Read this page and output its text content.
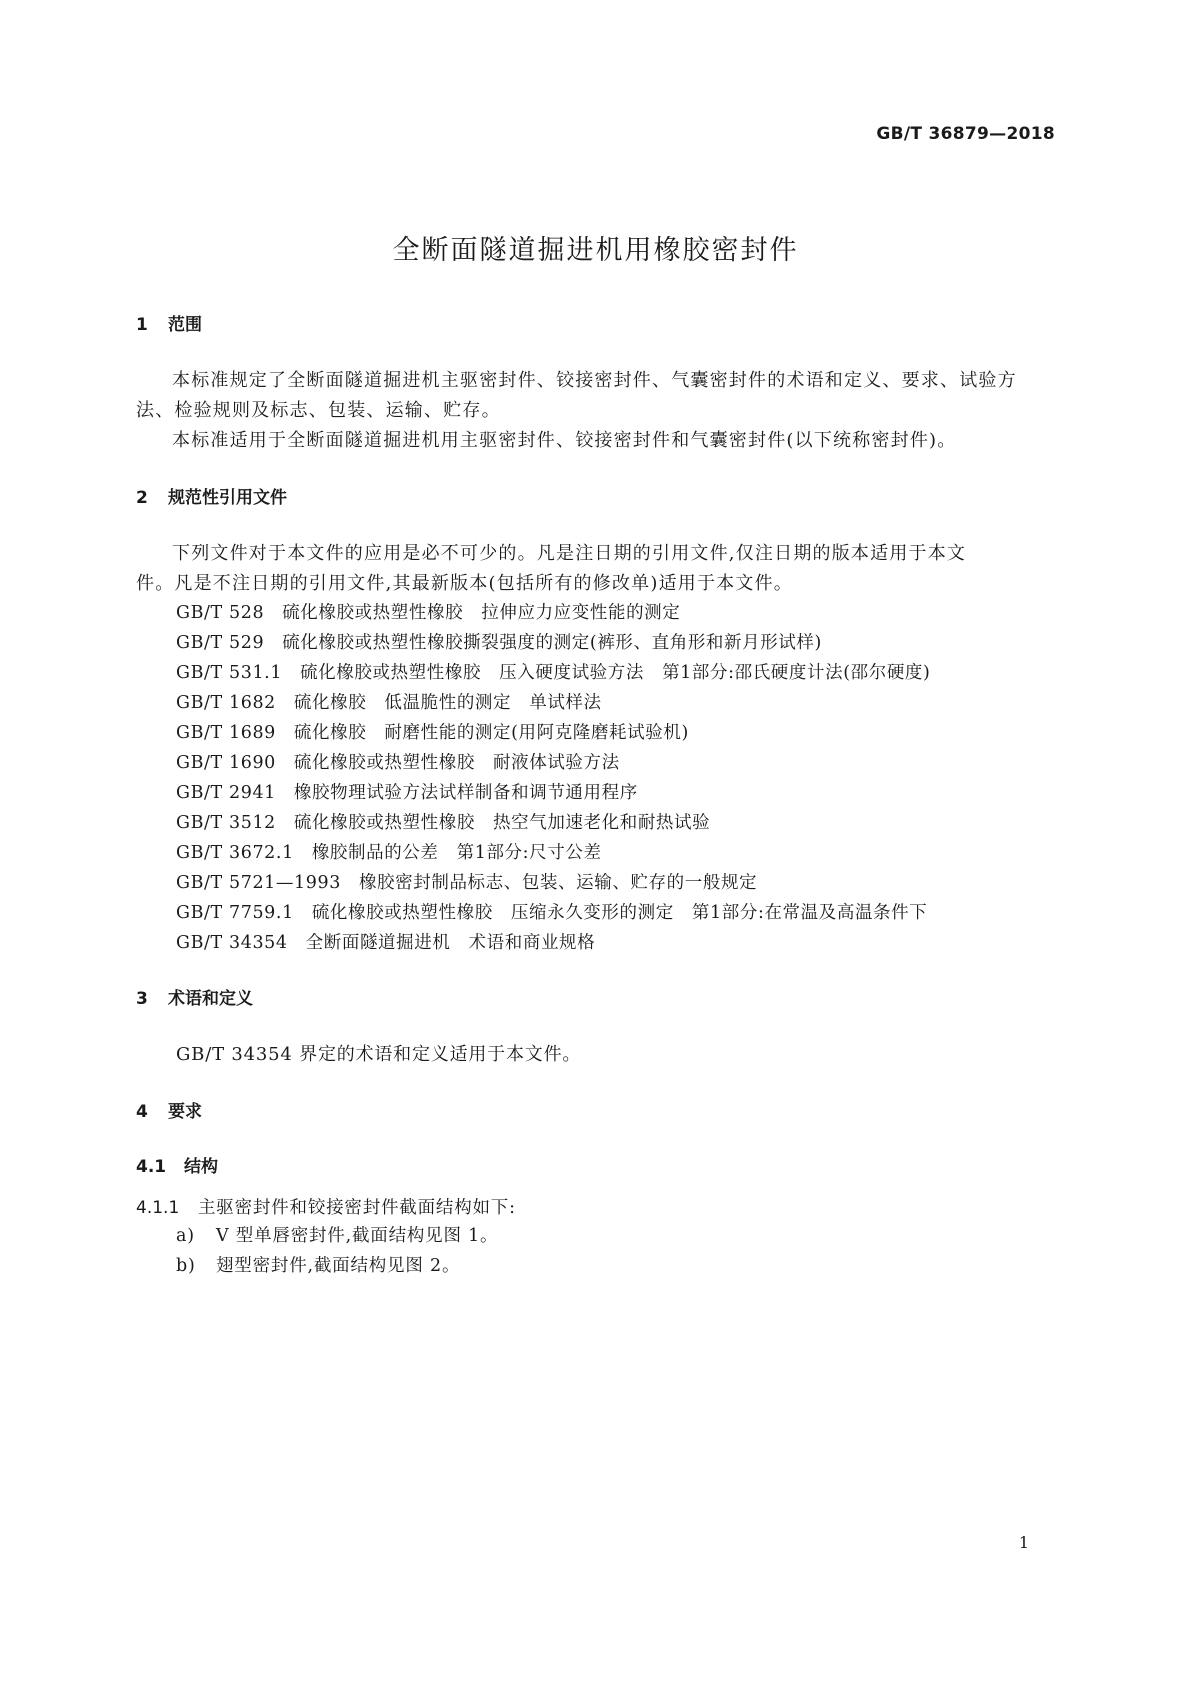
GB/T 36879—2018
全断面隧道掘进机用橡胶密封件
1 范围
本标准规定了全断面隧道掘进机主驱密封件、铰接密封件、气囊密封件的术语和定义、要求、试验方
法、检验规则及标志、包装、运输、贮存。
本标准适用于全断面隧道掘进机用主驱密封件、铰接密封件和气囊密封件(以下统称密封件)。
2 规范性引用文件
下列文件对于本文件的应用是必不可少的。凡是注日期的引用文件,仅注日期的版本适用于本文
件。凡是不注日期的引用文件,其最新版本(包括所有的修改单)适用于本文件。
GB/T 528 硫化橡胶或热塑性橡胶　拉伸应力应变性能的测定
GB/T 529 硫化橡胶或热塑性橡胶撕裂强度的测定(裤形、直角形和新月形试样)
GB/T 531.1 硫化橡胶或热塑性橡胶　压入硬度试验方法　第1部分:邵氏硬度计法(邵尔硬度)
GB/T 1682 硫化橡胶　低温脆性的测定　单试样法
GB/T 1689 硫化橡胶　耐磨性能的测定(用阿克隆磨耗试验机)
GB/T 1690 硫化橡胶或热塑性橡胶　耐液体试验方法
GB/T 2941 橡胶物理试验方法试样制备和调节通用程序
GB/T 3512 硫化橡胶或热塑性橡胶　热空气加速老化和耐热试验
GB/T 3672.1 橡胶制品的公差　第1部分:尺寸公差
GB/T 5721—1993 橡胶密封制品标志、包装、运输、贮存的一般规定
GB/T 7759.1 硫化橡胶或热塑性橡胶　压缩永久变形的测定　第1部分:在常温及高温条件下
GB/T 34354 全断面隧道掘进机　术语和商业规格
3 术语和定义
GB/T 34354 界定的术语和定义适用于本文件。
4 要求
4.1 结构
4.1.1 主驱密封件和铰接密封件截面结构如下:
a) V 型单唇密封件,截面结构见图 1。
b) 翅型密封件,截面结构见图 2。
1
